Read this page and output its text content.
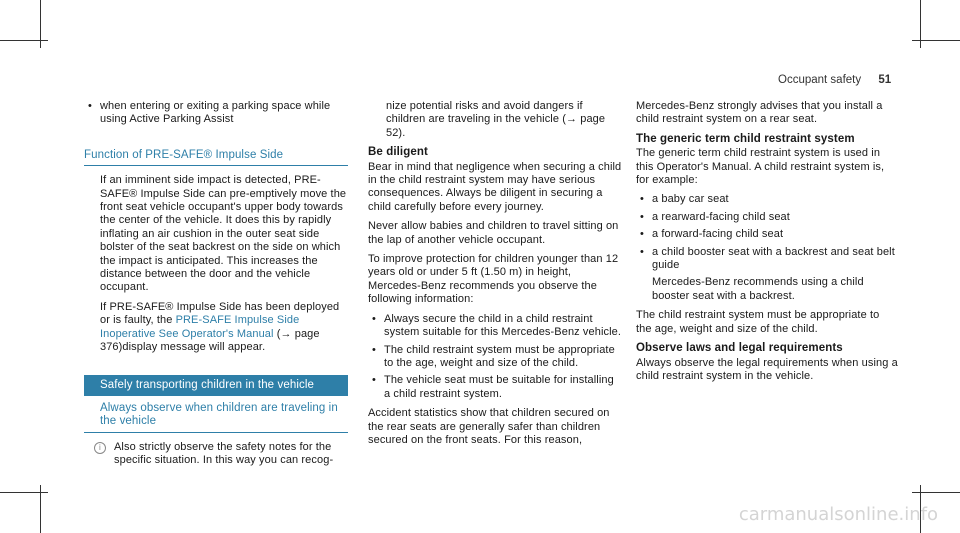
Occupant safety 51
• when entering or exiting a parking space while using Active Parking Assist
Function of PRE-SAFE® Impulse Side

If an imminent side impact is detected, PRE-SAFE® Impulse Side can pre-emptively move the front seat vehicle occupant's upper body towards the center of the vehicle. It does this by rapidly inflating an air cushion in the outer seat side bolster of the seat backrest on the side on which the impact is anticipated. This increases the distance between the door and the vehicle occupant.

If PRE-SAFE® Impulse Side has been deployed or is faulty, the PRE-SAFE Impulse Side Inoperative See Operator's Manual (→ page 376)display message will appear.

Safely transporting children in the vehicle
Always observe when children are traveling in the vehicle
i	Also strictly observe the safety notes for the specific situation. In this way you can recog-

nize potential risks and avoid dangers if children are traveling in the vehicle (→ page 52).

Be diligent

Bear in mind that negligence when securing a child in the child restraint system may have serious consequences. Always be diligent in securing a child carefully before every journey.

Never allow babies and children to travel sitting on the lap of another vehicle occupant.

To improve protection for children younger than 12 years old or under 5 ft (1.50 m) in height, Mercedes-Benz recommends you observe the following information:

• Always secure the child in a child restraint system suitable for this Mercedes-Benz vehicle.
• The child restraint system must be appropriate to the age, weight and size of the child.
• The vehicle seat must be suitable for installing a child restraint system.

Accident statistics show that children secured on the rear seats are generally safer than children secured on the front seats. For this reason,

Mercedes-Benz strongly advises that you install a child restraint system on a rear seat.

The generic term child restraint system

The generic term child restraint system is used in this Operator's Manual. A child restraint system is, for example:

• a baby car seat
• a rearward-facing child seat
• a forward-facing child seat
• a child booster seat with a backrest and seat belt guide
Mercedes-Benz recommends using a child booster seat with a backrest.

The child restraint system must be appropriate to the age, weight and size of the child.

Observe laws and legal requirements

Always observe the legal requirements when using a child restraint system in the vehicle.

carmanualsonline.info
